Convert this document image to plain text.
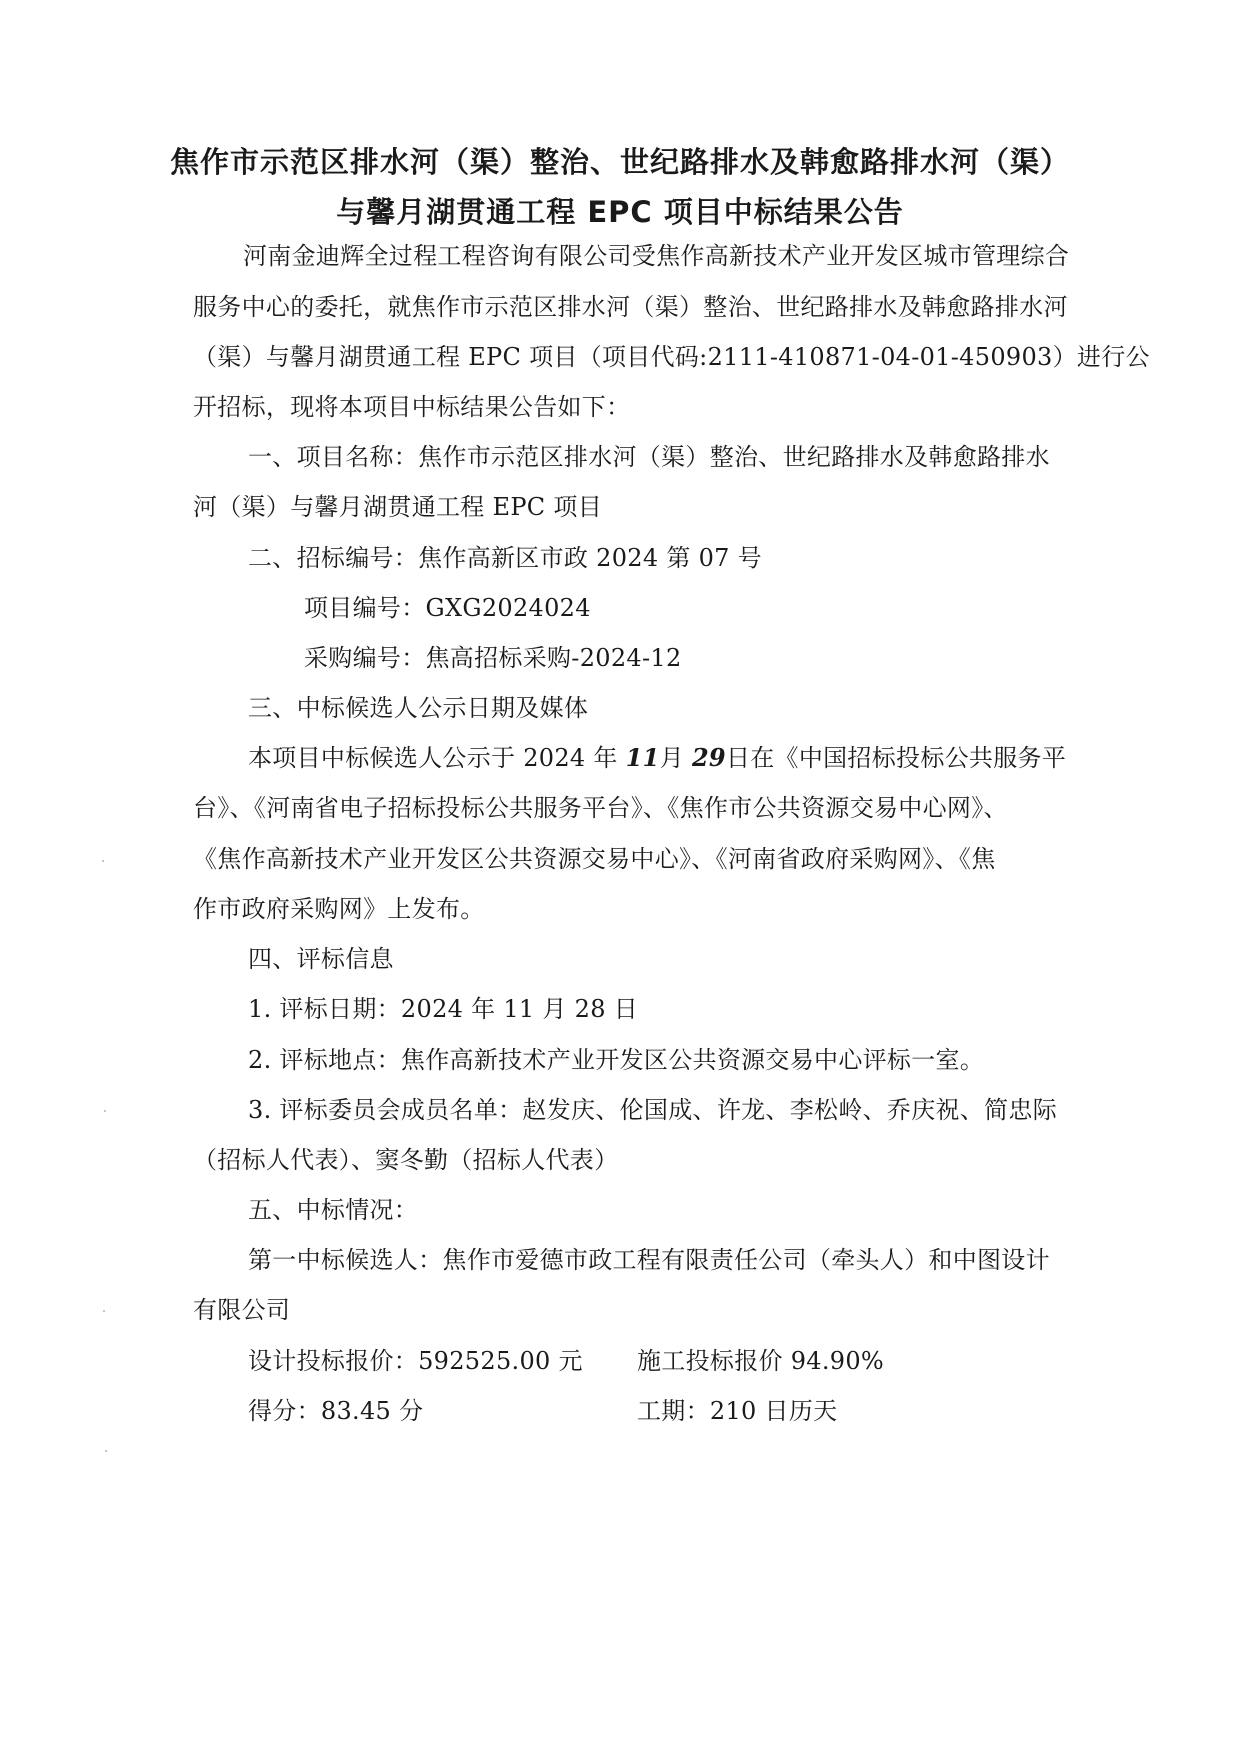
焦作市示范区排水河（渠）整治、世纪路排水及韩愈路排水河（渠）
与馨月湖贯通工程 EPC 项目中标结果公告
河南金迪辉全过程工程咨询有限公司受焦作高新技术产业开发区城市管理综合
服务中心的委托，就焦作市示范区排水河（渠）整治、世纪路排水及韩愈路排水河
（渠）与馨月湖贯通工程 EPC 项目（项目代码:2111-410871-04-01-450903）进行公
开招标，现将本项目中标结果公告如下：
一、项目名称：焦作市示范区排水河（渠）整治、世纪路排水及韩愈路排水
河（渠）与馨月湖贯通工程 EPC 项目
二、招标编号：焦作高新区市政 2024 第 07 号
项目编号：GXG2024024
采购编号：焦高招标采购-2024-12
三、中标候选人公示日期及媒体
本项目中标候选人公示于 2024 年 11月 29日在《中国招标投标公共服务平
台》、《河南省电子招标投标公共服务平台》、《焦作市公共资源交易中心网》、
《焦作高新技术产业开发区公共资源交易中心》、《河南省政府采购网》、《焦
作市政府采购网》上发布。
四、评标信息
1. 评标日期：2024 年 11 月 28 日
2. 评标地点：焦作高新技术产业开发区公共资源交易中心评标一室。
3. 评标委员会成员名单：赵发庆、伦国成、许龙、李松岭、乔庆祝、简忠际
（招标人代表）、窦冬勤（招标人代表）
五、中标情况：
第一中标候选人：焦作市爱德市政工程有限责任公司（牵头人）和中图设计
有限公司
设计投标报价：592525.00 元 施工投标报价 94.90%
得分：83.45 分	工期：210 日历天
